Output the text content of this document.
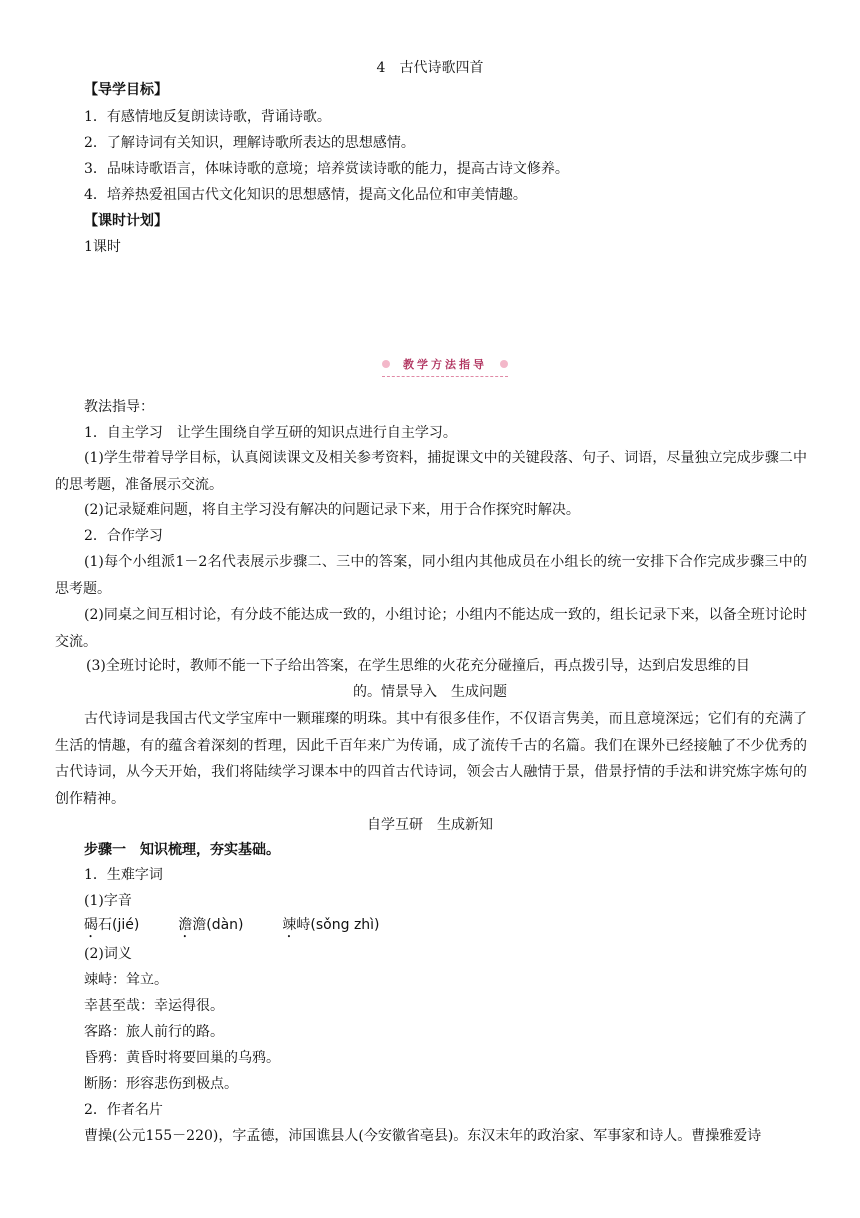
4　古代诗歌四首
【导学目标】
1．有感情地反复朗读诗歌，背诵诗歌。
2．了解诗词有关知识，理解诗歌所表达的思想感情。
3．品味诗歌语言，体味诗歌的意境；培养赏读诗歌的能力，提高古诗文修养。
4．培养热爱祖国古代文化知识的思想感情，提高文化品位和审美情趣。
【课时计划】
1课时
教学方法指导
教法指导：
1．自主学习　让学生围绕自学互研的知识点进行自主学习。
(1)学生带着导学目标，认真阅读课文及相关参考资料，捕捉课文中的关键段落、句子、词语，尽量独立完成步骤二中的思考题，准备展示交流。
(2)记录疑难问题，将自主学习没有解决的问题记录下来，用于合作探究时解决。
2．合作学习
(1)每个小组派1－2名代表展示步骤二、三中的答案，同小组内其他成员在小组长的统一安排下合作完成步骤三中的思考题。
(2)同桌之间互相讨论，有分歧不能达成一致的，小组讨论；小组内不能达成一致的，组长记录下来，以备全班讨论时交流。
(3)全班讨论时，教师不能一下子给出答案，在学生思维的火花充分碰撞后，再点拨引导，达到启发思维的目
的。情景导入　生成问题
古代诗词是我国古代文学宝库中一颗璀璨的明珠。其中有很多佳作，不仅语言隽美，而且意境深远；它们有的充满了生活的情趣，有的蕴含着深刻的哲理，因此千百年来广为传诵，成了流传千古的名篇。我们在课外已经接触了不少优秀的古代诗词，从今天开始，我们将陆续学习课本中的四首古代诗词，领会古人融情于景，借景抒情的手法和讲究炼字炼句的创作精神。
自学互研　生成新知
步骤一　知识梳理，夯实基础。
1．生难字词
(1)字音
碣石(jié)	澹澹(dàn)	竦峙(sǒng zhì)
(2)词义
竦峙：耸立。
幸甚至哉：幸运得很。
客路：旅人前行的路。
昏鸦：黄昏时将要回巢的乌鸦。
断肠：形容悲伤到极点。
2．作者名片
曹操(公元155－220)，字孟德，沛国谯县人(今安徽省亳县)。东汉末年的政治家、军事家和诗人。曹操雅爱诗
